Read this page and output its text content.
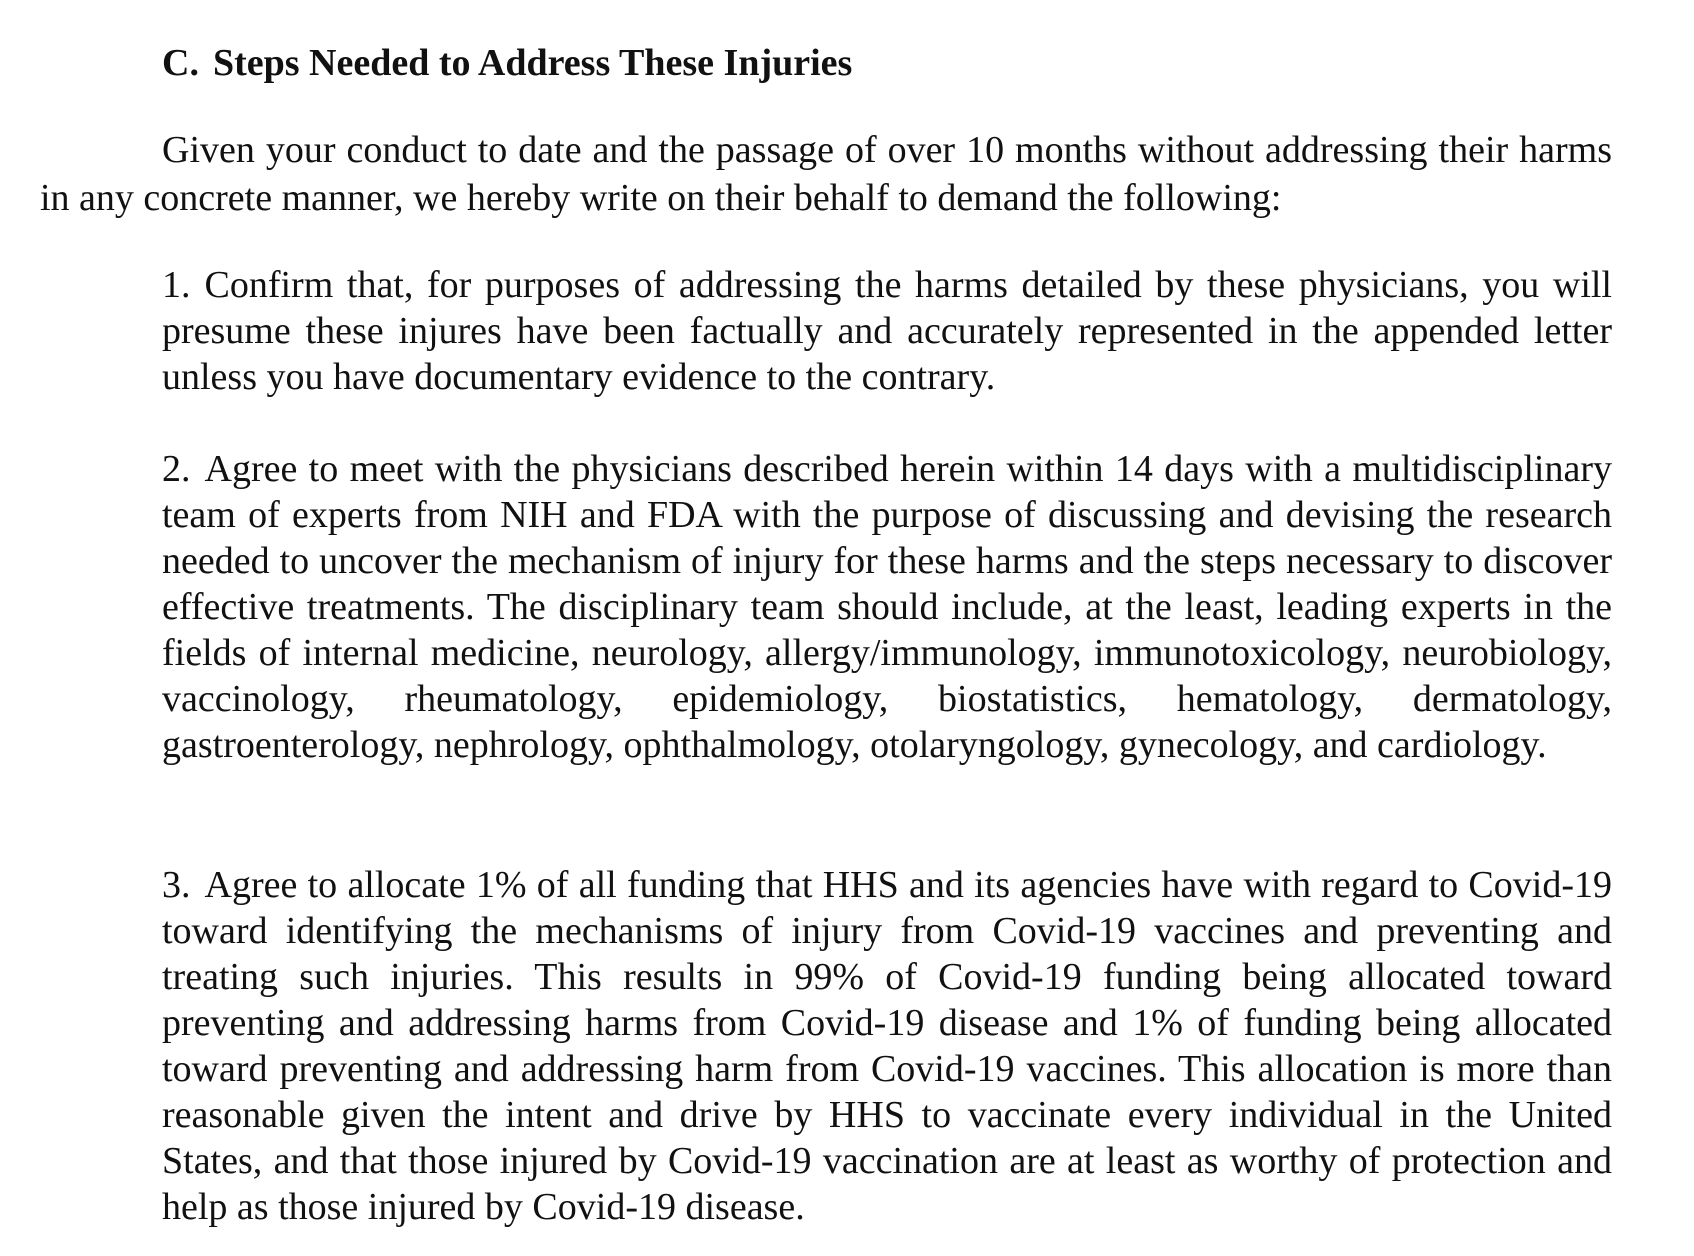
C. Steps Needed to Address These Injuries

Given your conduct to date and the passage of over 10 months without addressing their harms in any concrete manner, we hereby write on their behalf to demand the following:

1. Confirm that, for purposes of addressing the harms detailed by these physicians, you will presume these injures have been factually and accurately represented in the appended letter unless you have documentary evidence to the contrary.

2. Agree to meet with the physicians described herein within 14 days with a multidisciplinary team of experts from NIH and FDA with the purpose of discussing and devising the research needed to uncover the mechanism of injury for these harms and the steps necessary to discover effective treatments. The disciplinary team should include, at the least, leading experts in the fields of internal medicine, neurology, allergy/immunology, immunotoxicology, neurobiology, vaccinology, rheumatology, epidemiology, biostatistics, hematology, dermatology, gastroenterology, nephrology, ophthalmology, otolaryngology, gynecology, and cardiology.

3. Agree to allocate 1% of all funding that HHS and its agencies have with regard to Covid-19 toward identifying the mechanisms of injury from Covid-19 vaccines and preventing and treating such injuries. This results in 99% of Covid-19 funding being allocated toward preventing and addressing harms from Covid-19 disease and 1% of funding being allocated toward preventing and addressing harm from Covid-19 vaccines. This allocation is more than reasonable given the intent and drive by HHS to vaccinate every individual in the United States, and that those injured by Covid-19 vaccination are at least as worthy of protection and help as those injured by Covid-19 disease.
